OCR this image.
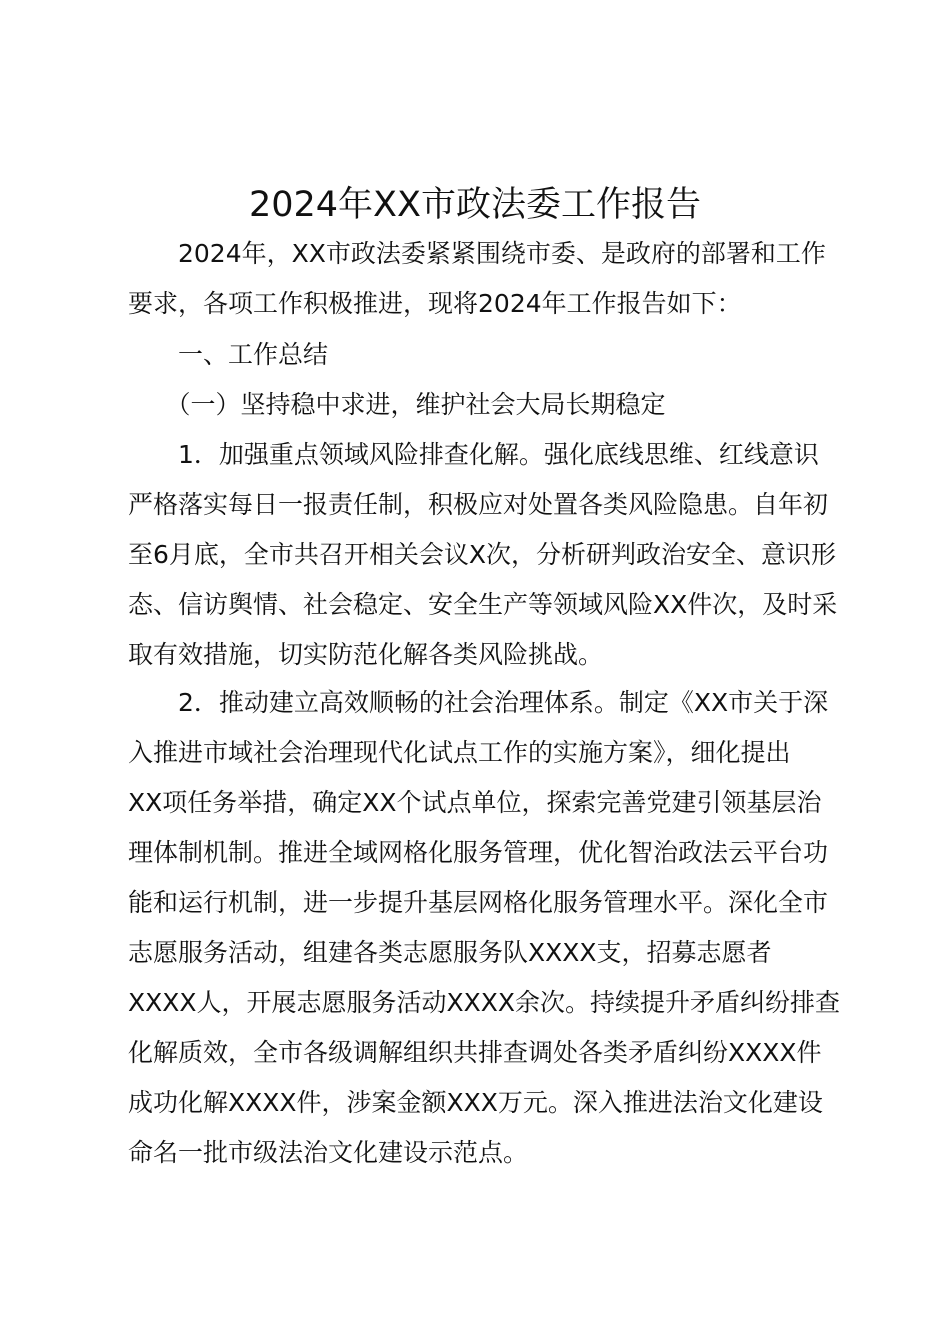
2024年XX市政法委工作报告
　　2024年，XX市政法委紧紧围绕市委、是政府的部署和工作
要求，各项工作积极推进，现将2024年工作报告如下：
　　一、工作总结
　　（一）坚持稳中求进，维护社会大局长期稳定
　　1．加强重点领域风险排查化解。强化底线思维、红线意识
严格落实每日一报责任制，积极应对处置各类风险隐患。自年初
至6月底，全市共召开相关会议X次，分析研判政治安全、意识形
态、信访舆情、社会稳定、安全生产等领域风险XX件次，及时采
取有效措施，切实防范化解各类风险挑战。
　　2．推动建立高效顺畅的社会治理体系。制定《XX市关于深
入推进市域社会治理现代化试点工作的实施方案》，细化提出
XX项任务举措，确定XX个试点单位，探索完善党建引领基层治
理体制机制。推进全域网格化服务管理，优化智治政法云平台功
能和运行机制，进一步提升基层网格化服务管理水平。深化全市
志愿服务活动，组建各类志愿服务队XXXX支，招募志愿者
XXXX人，开展志愿服务活动XXXX余次。持续提升矛盾纠纷排查
化解质效，全市各级调解组织共排查调处各类矛盾纠纷XXXX件
成功化解XXXX件，涉案金额XXX万元。深入推进法治文化建设
命名一批市级法治文化建设示范点。
